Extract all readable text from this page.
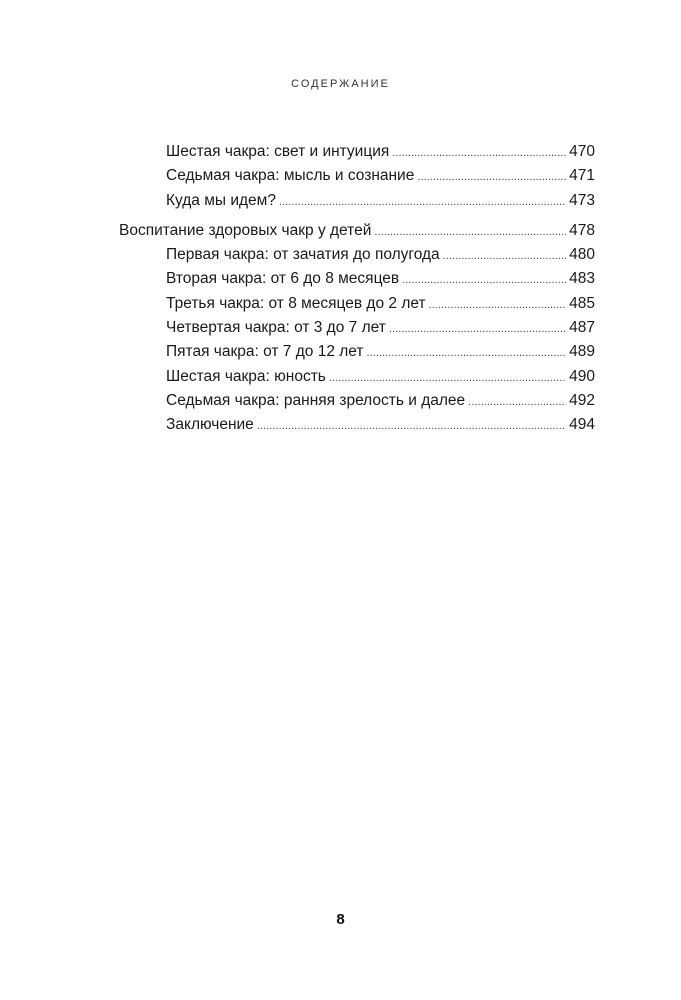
СОДЕРЖАНИЕ
Шестая чакра: свет и интуиция . . .	470
Седьмая чакра: мысль и сознание . . .	471
Куда мы идем? . . .	473
Воспитание здоровых чакр у детей . . .	478
Первая чакра: от зачатия до полугода . . .	480
Вторая чакра: от 6 до 8 месяцев . . .	483
Третья чакра: от 8 месяцев до 2 лет . . .	485
Четвертая чакра: от 3 до 7 лет . . .	487
Пятая чакра: от 7 до 12 лет . . .	489
Шестая чакра: юность . . .	490
Седьмая чакра: ранняя зрелость и далее . . .	492
Заключение . . .	494
8
